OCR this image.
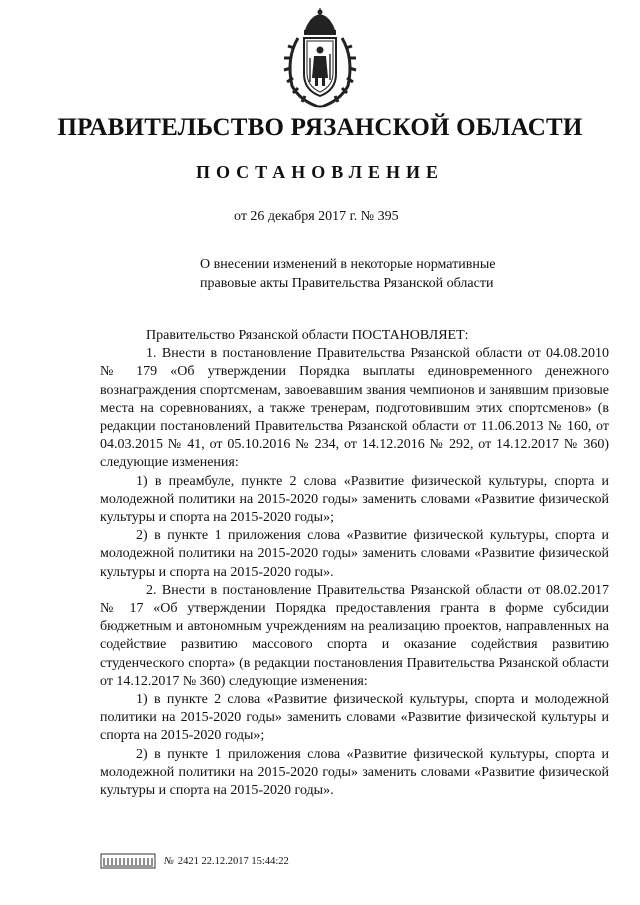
ПРАВИТЕЛЬСТВО РЯЗАНСКОЙ ОБЛАСТИ
ПОСТАНОВЛЕНИЕ
от 26 декабря 2017 г. № 395
О внесении изменений в некоторые нормативные
правовые акты Правительства Рязанской области

Правительство Рязанской области ПОСТАНОВЛЯЕТ:

1. Внести в постановление Правительства Рязанской области от 04.08.2010 № 179 «Об утверждении Порядка выплаты единовременного денежного вознаграждения спортсменам, завоевавшим звания чемпионов и занявшим призовые места на соревнованиях, а также тренерам, подготовившим этих спортсменов» (в редакции постановлений Правительства Рязанской области от 11.06.2013 № 160, от 04.03.2015 № 41, от 05.10.2016 № 234, от 14.12.2016 № 292, от 14.12.2017 № 360) следующие изменения:

1) в преамбуле, пункте 2 слова «Развитие физической культуры, спорта и молодежной политики на 2015-2020 годы» заменить словами «Развитие физической культуры и спорта на 2015-2020 годы»;

2) в пункте 1 приложения слова «Развитие физической культуры, спорта и молодежной политики на 2015-2020 годы» заменить словами «Развитие физической культуры и спорта на 2015-2020 годы».

2. Внести в постановление Правительства Рязанской области от 08.02.2017 № 17 «Об утверждении Порядка предоставления гранта в форме субсидии бюджетным и автономным учреждениям на реализацию проектов, направленных на содействие развитию массового спорта и оказание содействия развитию студенческого спорта» (в редакции постановления Правительства Рязанской области от 14.12.2017 № 360) следующие изменения:

1) в пункте 2 слова «Развитие физической культуры, спорта и молодежной политики на 2015-2020 годы» заменить словами «Развитие физической культуры и спорта на 2015-2020 годы»;

2) в пункте 1 приложения слова «Развитие физической культуры, спорта и молодежной политики на 2015-2020 годы» заменить словами «Развитие физической культуры и спорта на 2015-2020 годы».

№ 2421 22.12.2017 15:44:22
